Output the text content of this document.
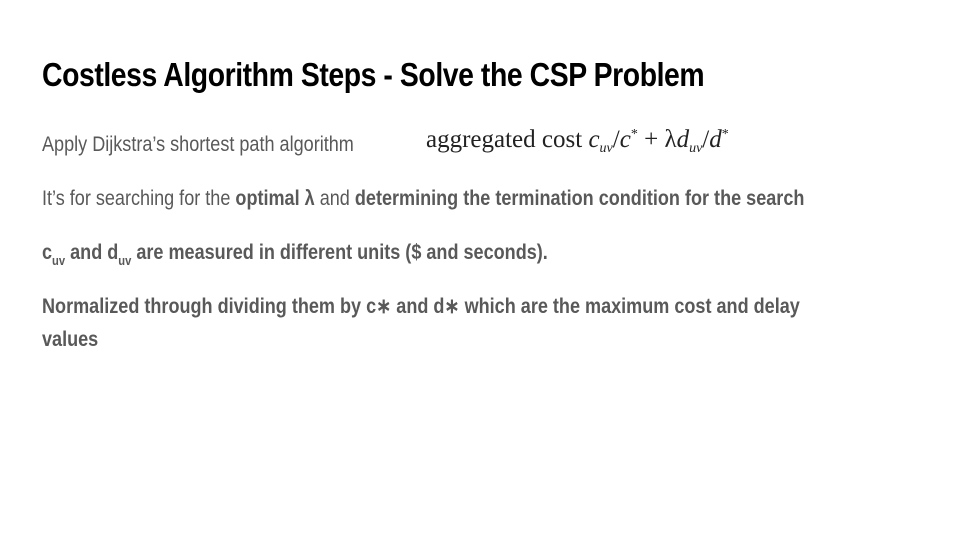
Costless Algorithm Steps - Solve the CSP Problem

Apply Dijkstra’s shortest path algorithm	aggregated cost $c_{uv}/c^* + \lambda d_{uv}/d^*$

It’s for searching for the optimal λ and determining the termination condition for the search

$c_{uv}$ and $d_{uv}$ are measured in different units ($ and seconds).

Normalized through dividing them by c∗ and d∗ which are the maximum cost and delay
values
